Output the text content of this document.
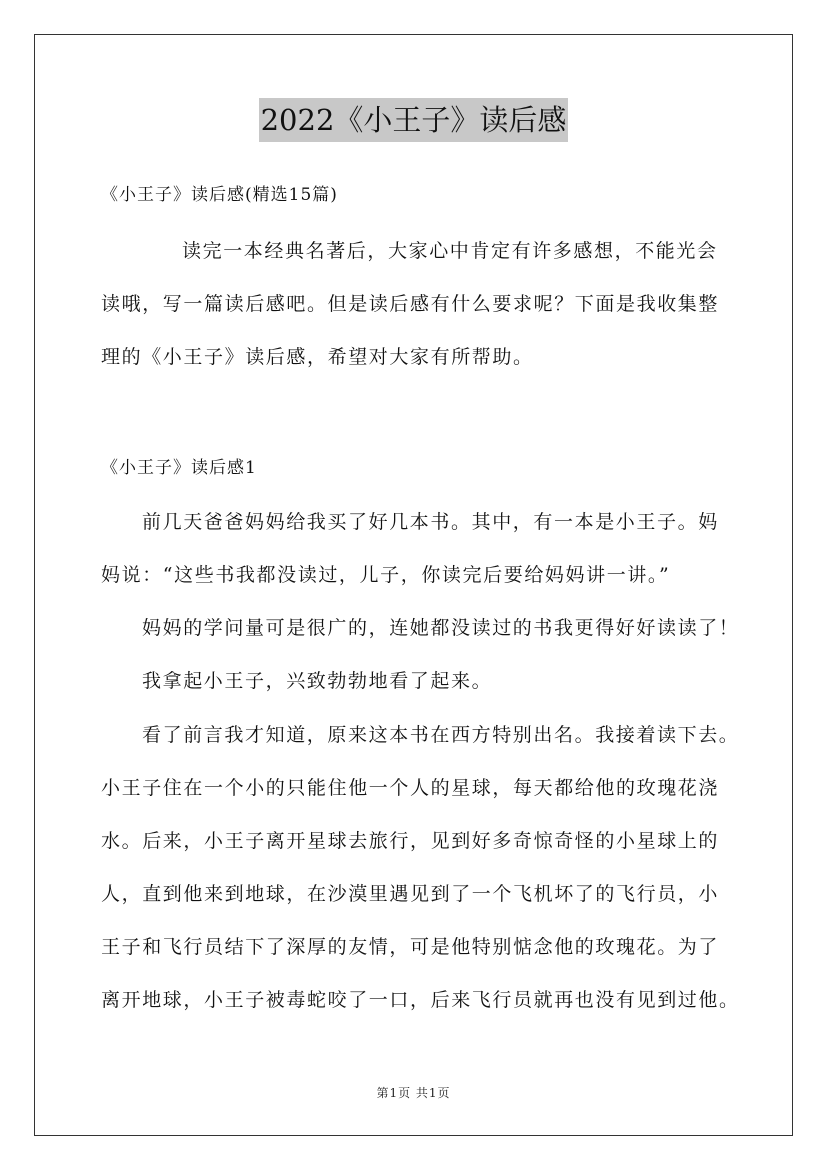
2022《小王子》读后感
《小王子》读后感(精选15篇)
读完一本经典名著后，大家心中肯定有许多感想，不能光会
读哦，写一篇读后感吧。但是读后感有什么要求呢？下面是我收集整
理的《小王子》读后感，希望对大家有所帮助。
《小王子》读后感1
前几天爸爸妈妈给我买了好几本书。其中，有一本是小王子。妈
妈说：“这些书我都没读过，儿子，你读完后要给妈妈讲一讲。”
妈妈的学问量可是很广的，连她都没读过的书我更得好好读读了！
我拿起小王子，兴致勃勃地看了起来。
看了前言我才知道，原来这本书在西方特别出名。我接着读下去。
小王子住在一个小的只能住他一个人的星球，每天都给他的玫瑰花浇
水。后来，小王子离开星球去旅行，见到好多奇惊奇怪的小星球上的
人，直到他来到地球，在沙漠里遇见到了一个飞机坏了的飞行员，小
王子和飞行员结下了深厚的友情，可是他特别惦念他的玫瑰花。为了
离开地球，小王子被毒蛇咬了一口，后来飞行员就再也没有见到过他。
第1页 共1页
